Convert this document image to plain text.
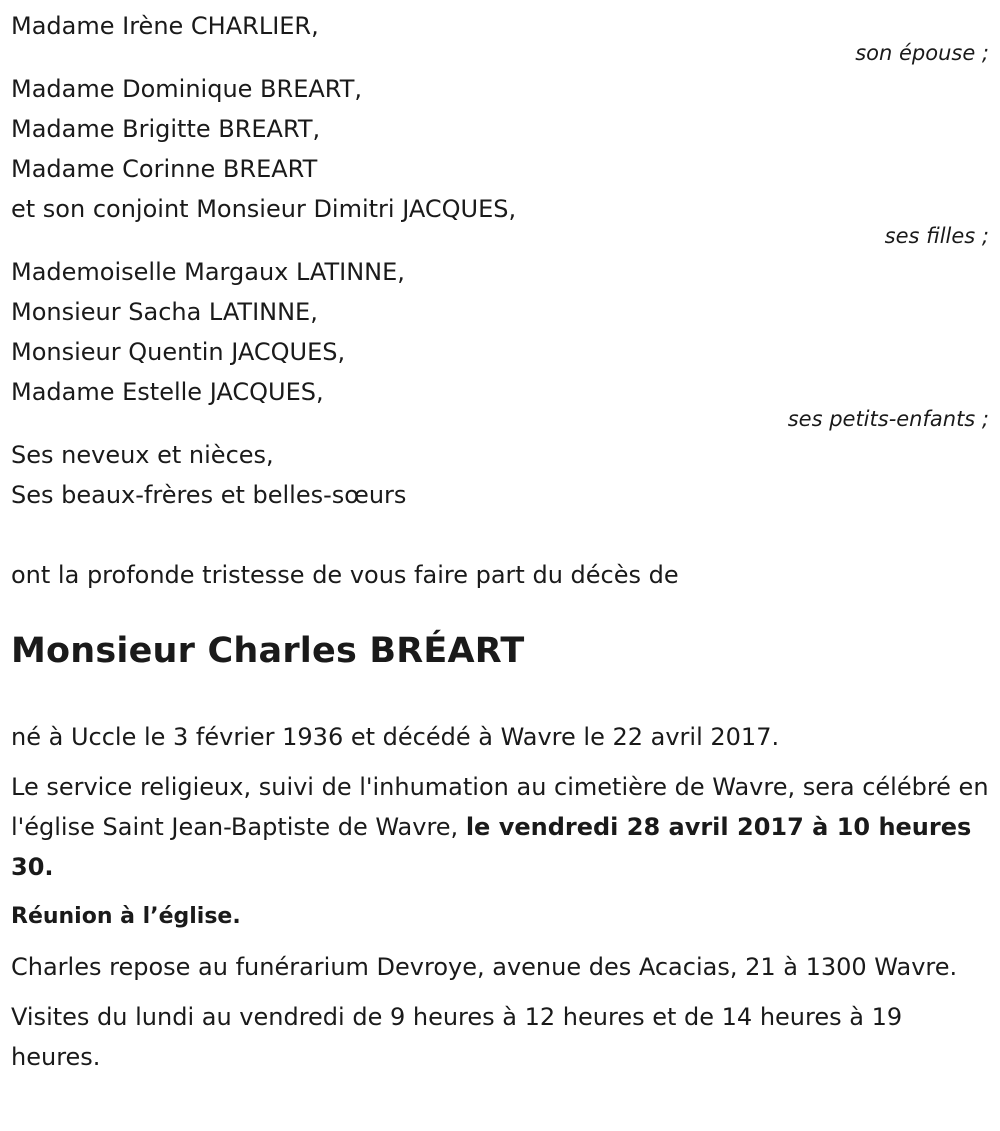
Madame Irène CHARLIER,
son épouse ;
Madame Dominique BREART,
Madame Brigitte BREART,
Madame Corinne BREART
et son conjoint Monsieur Dimitri JACQUES,
ses filles ;
Mademoiselle Margaux LATINNE,
Monsieur Sacha LATINNE,
Monsieur Quentin JACQUES,
Madame Estelle JACQUES,
ses petits-enfants ;
Ses neveux et nièces,
Ses beaux-frères et belles-sœurs
ont la profonde tristesse de vous faire part du décès de
Monsieur Charles BRÉART
né à Uccle le 3 février 1936 et décédé à Wavre le 22 avril 2017.
Le service religieux, suivi de l'inhumation au cimetière de Wavre, sera célébré en l'église Saint Jean-Baptiste de Wavre, le vendredi 28 avril 2017 à 10 heures 30.
Réunion à l’église.
Charles repose au funérarium Devroye, avenue des Acacias, 21 à 1300 Wavre.
Visites du lundi au vendredi de 9 heures à 12 heures et de 14 heures à 19 heures.
